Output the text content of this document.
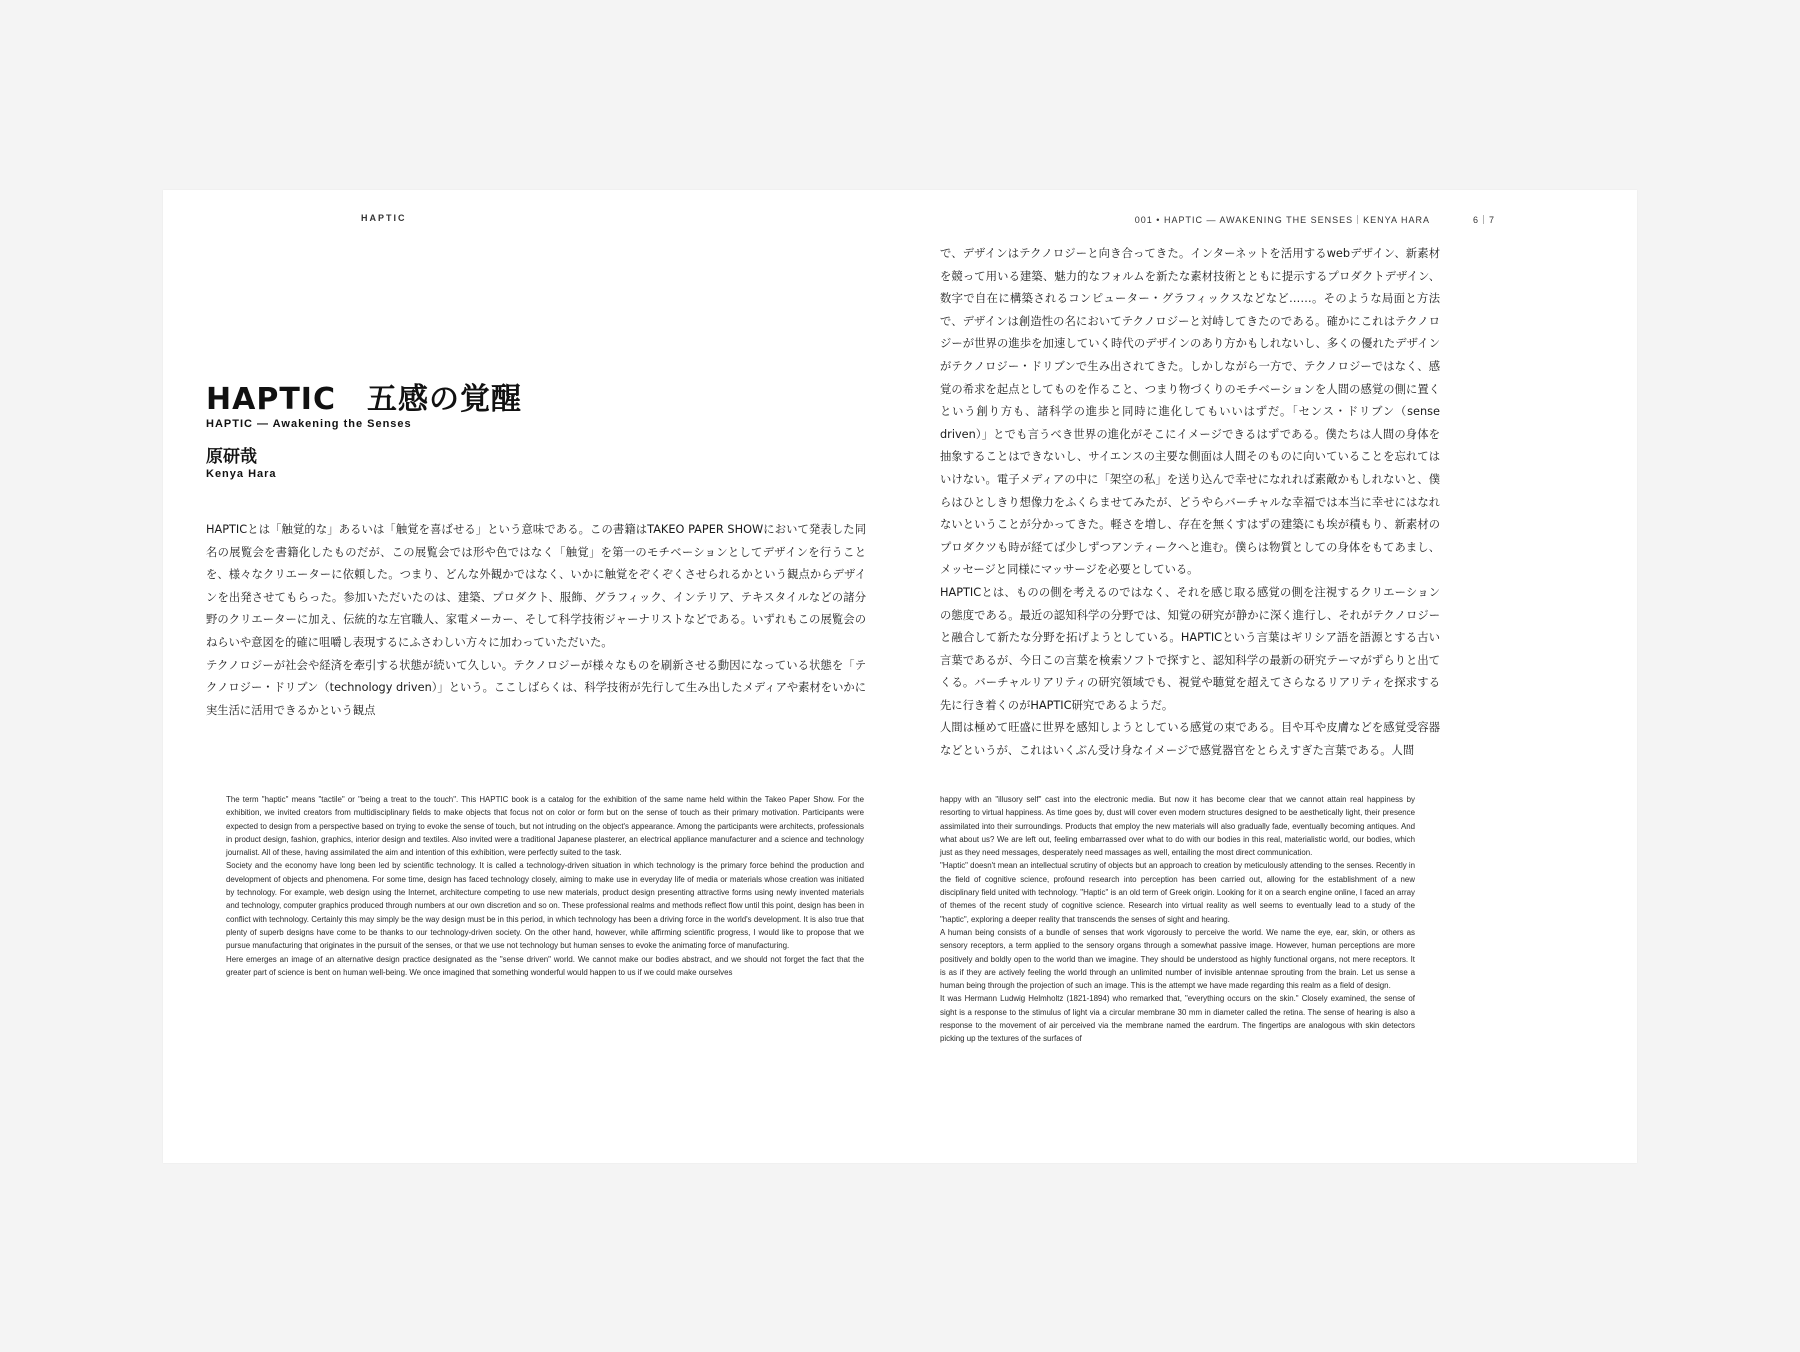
HAPTIC
HAPTIC　五感の覚醒
HAPTIC — Awakening the Senses
原研哉
Kenya Hara

HAPTICとは「触覚的な」あるいは「触覚を喜ばせる」という意味である。この書籍はTAKEO PAPER SHOWにおいて発表した同名の展覧会を書籍化したものだが、この展覧会では形や色ではなく「触覚」を第一のモチベーションとしてデザインを行うことを、様々なクリエーターに依頼した。つまり、どんな外観かではなく、いかに触覚をぞくぞくさせられるかという観点からデザインを出発させてもらった。参加いただいたのは、建築、プロダクト、服飾、グラフィック、インテリア、テキスタイルなどの諸分野のクリエーターに加え、伝統的な左官職人、家電メーカー、そして科学技術ジャーナリストなどである。いずれもこの展覧会のねらいや意図を的確に咀嚼し表現するにふさわしい方々に加わっていただいた。

テクノロジーが社会や経済を牽引する状態が続いて久しい。テクノロジーが様々なものを刷新させる動因になっている状態を「テクノロジー・ドリブン（technology driven）」という。ここしばらくは、科学技術が先行して生み出したメディアや素材をいかに実生活に活用できるかという観点

The term "haptic" means "tactile" or "being a treat to the touch". This HAPTIC book is a catalog for the exhibition of the same name held within the Takeo Paper Show. For the exhibition, we invited creators from multidisciplinary fields to make objects that focus not on color or form but on the sense of touch as their primary motivation. Participants were expected to design from a perspective based on trying to evoke the sense of touch, but not intruding on the object's appearance. Among the participants were architects, professionals in product design, fashion, graphics, interior design and textiles. Also invited were a traditional Japanese plasterer, an electrical appliance manufacturer and a science and technology journalist. All of these, having assimilated the aim and intention of this exhibition, were perfectly suited to the task.

Society and the economy have long been led by scientific technology. It is called a technology-driven situation in which technology is the primary force behind the production and development of objects and phenomena. For some time, design has faced technology closely, aiming to make use in everyday life of media or materials whose creation was initiated by technology. For example, web design using the Internet, architecture competing to use new materials, product design presenting attractive forms using newly invented materials and technology, computer graphics produced through numbers at our own discretion and so on. These professional realms and methods reflect flow until this point, design has been in conflict with technology. Certainly this may simply be the way design must be in this period, in which technology has been a driving force in the world's development. It is also true that plenty of superb designs have come to be thanks to our technology-driven society. On the other hand, however, while affirming scientific progress, I would like to propose that we pursue manufacturing that originates in the pursuit of the senses, or that we use not technology but human senses to evoke the animating force of manufacturing.

Here emerges an image of an alternative design practice designated as the "sense driven" world. We cannot make our bodies abstract, and we should not forget the fact that the greater part of science is bent on human well-being. We once imagined that something wonderful would happen to us if we could make ourselves

001 • HAPTIC — AWAKENING THE SENSES｜KENYA HARA	6｜7

で、デザインはテクノロジーと向き合ってきた。インターネットを活用するwebデザイン、新素材を競って用いる建築、魅力的なフォルムを新たな素材技術とともに提示するプロダクトデザイン、数字で自在に構築されるコンピューター・グラフィックスなどなど……。そのような局面と方法で、デザインは創造性の名においてテクノロジーと対峙してきたのである。確かにこれはテクノロジーが世界の進歩を加速していく時代のデザインのあり方かもしれないし、多くの優れたデザインがテクノロジー・ドリブンで生み出されてきた。しかしながら一方で、テクノロジーではなく、感覚の希求を起点としてものを作ること、つまり物づくりのモチベーションを人間の感覚の側に置くという創り方も、諸科学の進歩と同時に進化してもいいはずだ。「センス・ドリブン（sense driven）」とでも言うべき世界の進化がそこにイメージできるはずである。僕たちは人間の身体を抽象することはできないし、サイエンスの主要な側面は人間そのものに向いていることを忘れてはいけない。電子メディアの中に「架空の私」を送り込んで幸せになれれば素敵かもしれないと、僕らはひとしきり想像力をふくらませてみたが、どうやらバーチャルな幸福では本当に幸せにはなれないということが分かってきた。軽さを増し、存在を無くすはずの建築にも埃が積もり、新素材のプロダクツも時が経てば少しずつアンティークへと進む。僕らは物質としての身体をもてあまし、メッセージと同様にマッサージを必要としている。

HAPTICとは、ものの側を考えるのではなく、それを感じ取る感覚の側を注視するクリエーションの態度である。最近の認知科学の分野では、知覚の研究が静かに深く進行し、それがテクノロジーと融合して新たな分野を拓げようとしている。HAPTICという言葉はギリシア語を語源とする古い言葉であるが、今日この言葉を検索ソフトで探すと、認知科学の最新の研究テーマがずらりと出てくる。バーチャルリアリティの研究領域でも、視覚や聴覚を超えてさらなるリアリティを探求する先に行き着くのがHAPTIC研究であるようだ。

人間は極めて旺盛に世界を感知しようとしている感覚の束である。目や耳や皮膚などを感覚受容器などというが、これはいくぶん受け身なイメージで感覚器官をとらえすぎた言葉である。人間

happy with an "illusory self" cast into the electronic media. But now it has become clear that we cannot attain real happiness by resorting to virtual happiness. As time goes by, dust will cover even modern structures designed to be aesthetically light, their presence assimilated into their surroundings. Products that employ the new materials will also gradually fade, eventually becoming antiques. And what about us? We are left out, feeling embarrassed over what to do with our bodies in this real, materialistic world, our bodies, which just as they need messages, desperately need massages as well, entailing the most direct communication.

"Haptic" doesn't mean an intellectual scrutiny of objects but an approach to creation by meticulously attending to the senses. Recently in the field of cognitive science, profound research into perception has been carried out, allowing for the establishment of a new disciplinary field united with technology. "Haptic" is an old term of Greek origin. Looking for it on a search engine online, I faced an array of themes of the recent study of cognitive science. Research into virtual reality as well seems to eventually lead to a study of the "haptic", exploring a deeper reality that transcends the senses of sight and hearing.

A human being consists of a bundle of senses that work vigorously to perceive the world. We name the eye, ear, skin, or others as sensory receptors, a term applied to the sensory organs through a somewhat passive image. However, human perceptions are more positively and boldly open to the world than we imagine. They should be understood as highly functional organs, not mere receptors. It is as if they are actively feeling the world through an unlimited number of invisible antennae sprouting from the brain. Let us sense a human being through the projection of such an image. This is the attempt we have made regarding this realm as a field of design.

It was Hermann Ludwig Helmholtz (1821-1894) who remarked that, "everything occurs on the skin." Closely examined, the sense of sight is a response to the stimulus of light via a circular membrane 30 mm in diameter called the retina. The sense of hearing is also a response to the movement of air perceived via the membrane named the eardrum. The fingertips are analogous with skin detectors picking up the textures of the surfaces of
